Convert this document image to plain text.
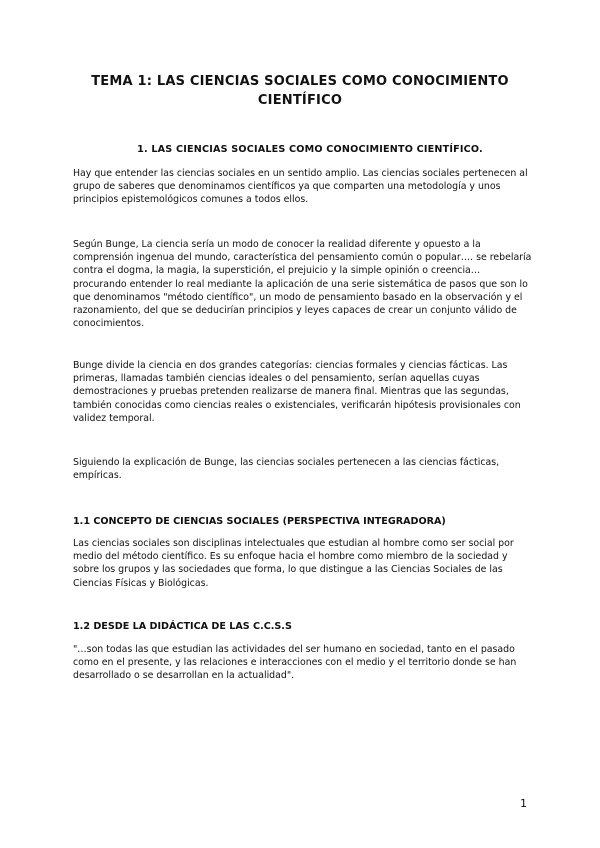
TEMA 1: LAS CIENCIAS SOCIALES COMO CONOCIMIENTO
CIENTÍFICO
1. LAS CIENCIAS SOCIALES COMO CONOCIMIENTO CIENTÍFICO.

Hay que entender las ciencias sociales en un sentido amplio. Las ciencias sociales pertenecen al grupo de saberes que denominamos científicos ya que comparten una metodología y unos principios epistemológicos comunes a todos ellos.

Según Bunge, La ciencia sería un modo de conocer la realidad diferente y opuesto a la comprensión ingenua del mundo, característica del pensamiento común o popular…. se rebelaría contra el dogma, la magia, la superstición, el prejuicio y la simple opinión o creencia… procurando entender lo real mediante la aplicación de una serie sistemática de pasos que son lo que denominamos "método científico", un modo de pensamiento basado en la observación y el razonamiento, del que se deducirían principios y leyes capaces de crear un conjunto válido de conocimientos.

Bunge divide la ciencia en dos grandes categorías: ciencias formales y ciencias fácticas. Las primeras, llamadas también ciencias ideales o del pensamiento, serían aquellas cuyas demostraciones y pruebas pretenden realizarse de manera final. Mientras que las segundas, también conocidas como ciencias reales o existenciales, verificarán hipótesis provisionales con validez temporal.

Siguiendo la explicación de Bunge, las ciencias sociales pertenecen a las ciencias fácticas, empíricas.

1.1 CONCEPTO DE CIENCIAS SOCIALES (PERSPECTIVA INTEGRADORA)

Las ciencias sociales son disciplinas intelectuales que estudian al hombre como ser social por medio del método científico. Es su enfoque hacia el hombre como miembro de la sociedad y sobre los grupos y las sociedades que forma, lo que distingue a las Ciencias Sociales de las Ciencias Físicas y Biológicas.

1.2 DESDE LA DIDÁCTICA DE LAS C.C.S.S

"…son todas las que estudian las actividades del ser humano en sociedad, tanto en el pasado como en el presente, y las relaciones e interacciones con el medio y el territorio donde se han desarrollado o se desarrollan en la actualidad".

1
